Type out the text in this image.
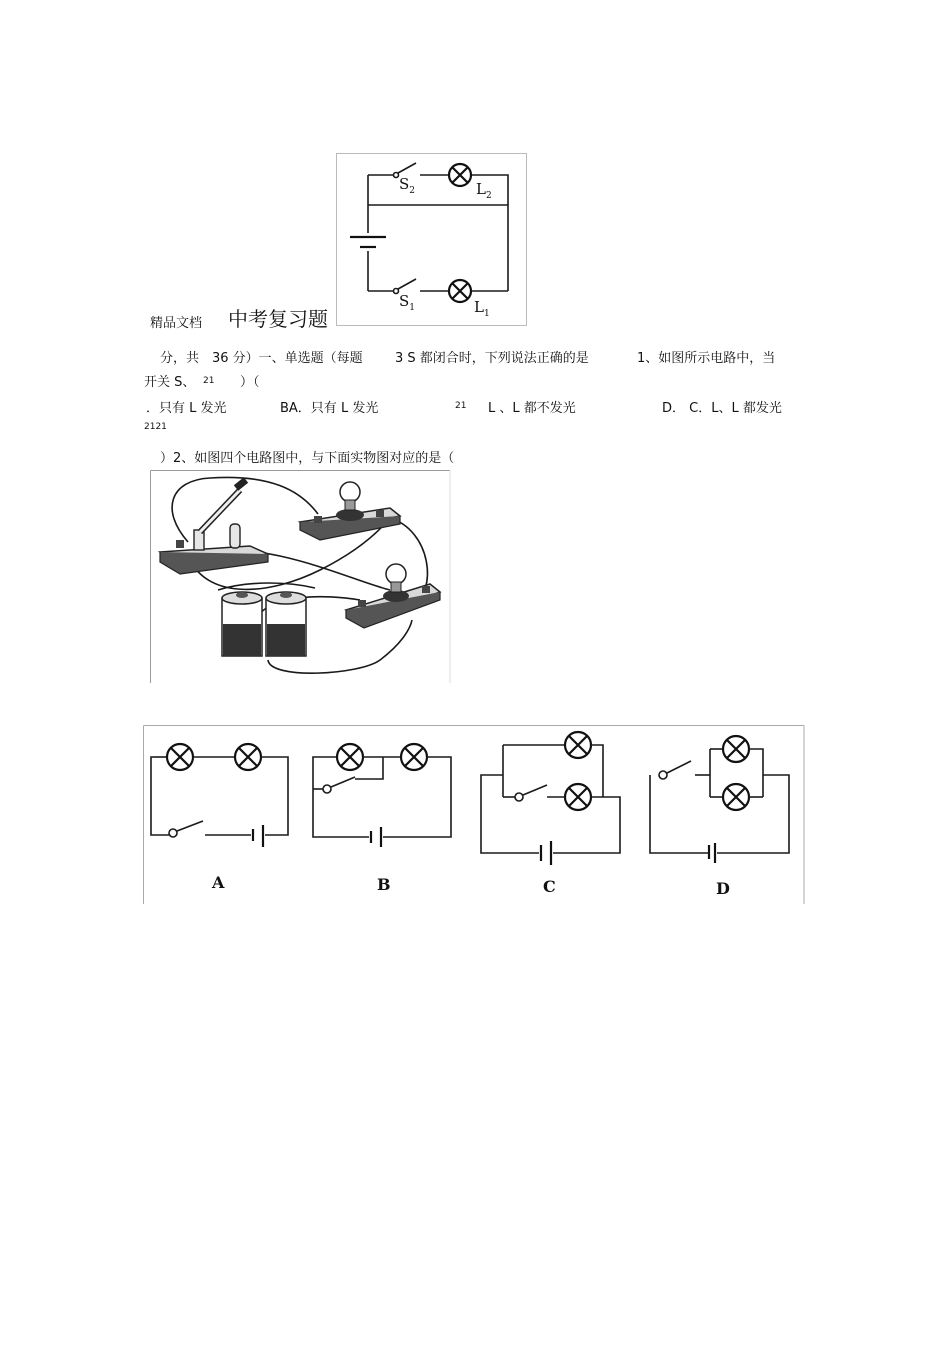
精品文档 中考复习题
$S_2$	$L_2$
$S_1$	$L_1$
分，共 36 分）一、单选题（每题 3 S 都闭合时，下列说法正确的是	1、如图所示电路中，当
开关 S、 21 ）（
．只有 L 发光	BA．只有 L 发光	21 L 、L 都不发光	D． C．L、L 都发光
2121
）2、如图四个电路图中，与下面实物图对应的是（
A	B	C	D
